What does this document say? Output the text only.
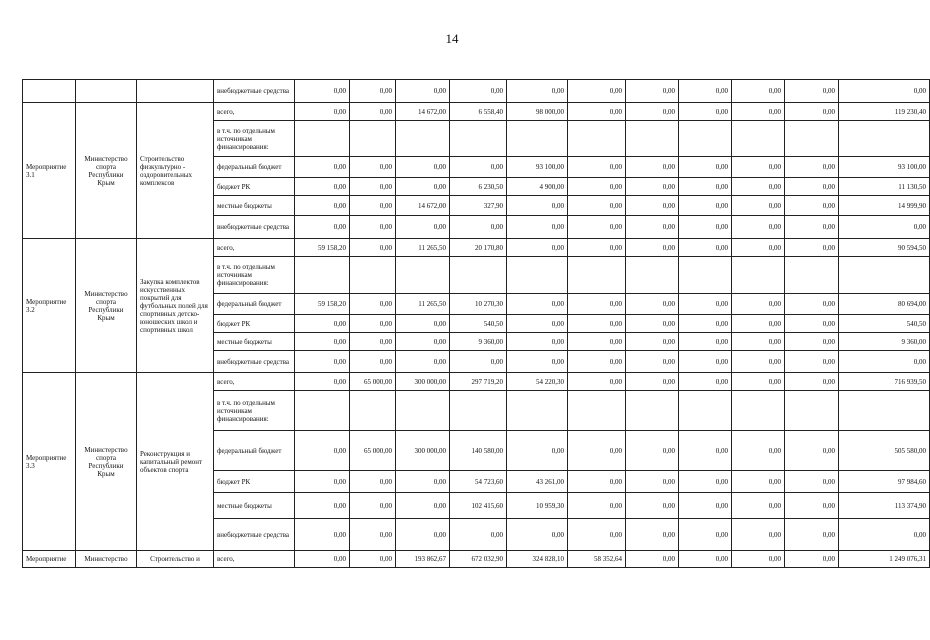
14
			внебюджетные средства	0,00	0,00	0,00	0,00	0,00	0,00	0,00	0,00	0,00	0,00	0,00
Мероприятие 3.1	Министерство спорта Республики Крым	Строительство физкультурно - оздоровительных комплексов	всего,	0,00	0,00	14 672,00	6 558,40	98 000,00	0,00	0,00	0,00	0,00	0,00	119 230,40
			в т.ч. по отдельным источникам финансирования:											
			федеральный бюджет	0,00	0,00	0,00	0,00	93 100,00	0,00	0,00	0,00	0,00	0,00	93 100,00
			бюджет РК	0,00	0,00	0,00	6 230,50	4 900,00	0,00	0,00	0,00	0,00	0,00	11 130,50
			местные бюджеты	0,00	0,00	14 672,00	327,90	0,00	0,00	0,00	0,00	0,00	0,00	14 999,90
			внебюджетные средства	0,00	0,00	0,00	0,00	0,00	0,00	0,00	0,00	0,00	0,00	0,00
Мероприятие 3.2	Министерство спорта Республики Крым	Закупка комплектов искусственных покрытий для футбольных полей для спортивных детско-юношеских школ и спортивных школ	всего,	59 158,20	0,00	11 265,50	20 170,80	0,00	0,00	0,00	0,00	0,00	0,00	90 594,50
			в т.ч. по отдельным источникам финансирования:											
			федеральный бюджет	59 158,20	0,00	11 265,50	10 270,30	0,00	0,00	0,00	0,00	0,00	0,00	80 694,00
			бюджет РК	0,00	0,00	0,00	540,50	0,00	0,00	0,00	0,00	0,00	0,00	540,50
			местные бюджеты	0,00	0,00	0,00	9 360,00	0,00	0,00	0,00	0,00	0,00	0,00	9 360,00
			внебюджетные средства	0,00	0,00	0,00	0,00	0,00	0,00	0,00	0,00	0,00	0,00	0,00
Мероприятие 3.3	Министерство спорта Республики Крым	Реконструкция и капитальный ремонт объектов спорта	всего,	0,00	65 000,00	300 000,00	297 719,20	54 220,30	0,00	0,00	0,00	0,00	0,00	716 939,50
			в т.ч. по отдельным источникам финансирования:											
			федеральный бюджет	0,00	65 000,00	300 000,00	140 580,00	0,00	0,00	0,00	0,00	0,00	0,00	505 580,00
			бюджет РК	0,00	0,00	0,00	54 723,60	43 261,00	0,00	0,00	0,00	0,00	0,00	97 984,60
			местные бюджеты	0,00	0,00	0,00	102 415,60	10 959,30	0,00	0,00	0,00	0,00	0,00	113 374,90
			внебюджетные средства	0,00	0,00	0,00	0,00	0,00	0,00	0,00	0,00	0,00	0,00	0,00
Мероприятие	Министерство	Строительство и	всего,	0,00	0,00	193 862,67	672 032,90	324 828,10	58 352,64	0,00	0,00	0,00	0,00	1 249 076,31
